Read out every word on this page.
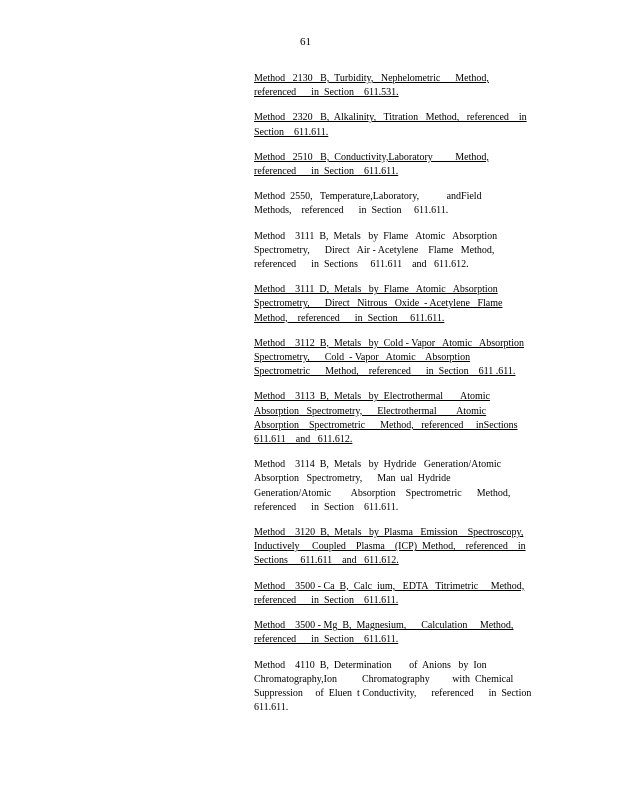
61
Method   2130   B,  Turbidity,   Nephelometric      Method,
referenced      in  Section    611.531.
Method   2320   B,  Alkalinity,   Titration   Method,   referenced    in
Section    611.611.
Method   2510   B,  Conductivity,Laboratory         Method,
referenced      in  Section    611.611.
Method  2550,   Temperature,Laboratory,           andField
Methods,    referenced      in  Section     611.611.
Method    3111  B,  Metals   by  Flame   Atomic   Absorption
Spectrometry,      Direct   Air - Acetylene    Flame   Method,
referenced      in  Sections     611.611    and   611.612.
Method    3111  D,  Metals   by  Flame   Atomic   Absorption
Spectrometry,      Direct   Nitrous   Oxide  - Acetylene   Flame
Method,    referenced      in  Section     611.611.
Method    3112  B,  Metals   by  Cold - Vapor   Atomic   Absorption
Spectrometry,      Cold  - Vapor   Atomic    Absorption
Spectrometric      Method,    referenced      in  Section    611 .611.
Method    3113  B,  Metals   by  Electrothermal       Atomic
Absorption   Spectrometry,      Electrothermal        Atomic
Absorption    Spectrometric      Method,   referenced     inSections
611.611    and   611.612.
Method    3114  B,  Metals   by  Hydride   Generation/Atomic
Absorption   Spectrometry,      Man  ual  Hydride
Generation/Atomic        Absorption    Spectrometric      Method,
referenced      in  Section    611.611.
Method    3120  B,  Metals   by  Plasma   Emission    Spectroscopy,
Inductively     Coupled    Plasma    (ICP)  Method,    referenced    in
Sections     611.611    and   611.612.
Method    3500 - Ca  B,  Calc  ium,   EDTA   Titrimetric     Method,
referenced      in  Section    611.611.
Method    3500 - Mg  B,  Magnesium,      Calculation     Method,
referenced      in  Section    611.611.
Method    4110  B,  Determination       of  Anions   by  Ion
Chromatography,Ion          Chromatography         with  Chemical
Suppression     of  Eluen  t Conductivity,      referenced      in  Section
611.611.
